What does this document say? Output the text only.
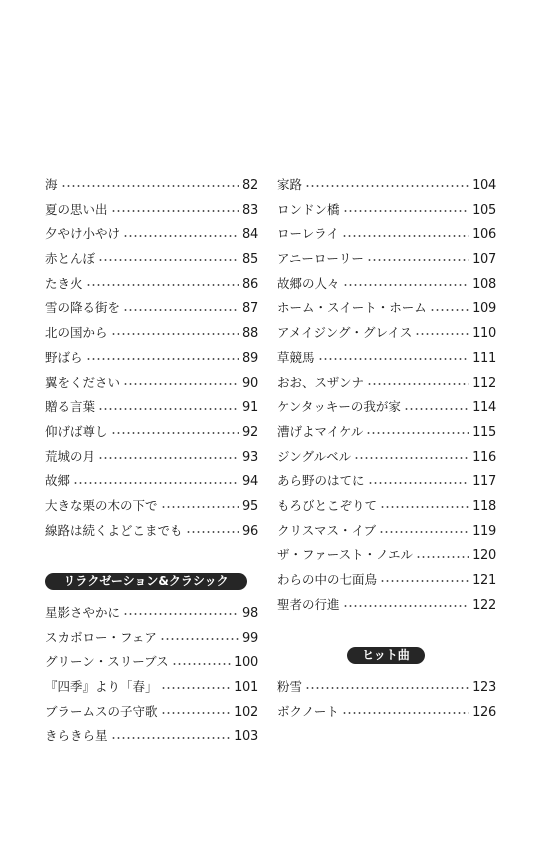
海	82
夏の思い出	83
夕やけ小やけ	84
赤とんぼ	85
たき火	86
雪の降る街を	87
北の国から	88
野ばら	89
翼をください	90
贈る言葉	91
仰げば尊し	92
荒城の月	93
故郷	94
大きな栗の木の下で	95
線路は続くよどこまでも	96
リラクゼーション&クラシック
星影さやかに	98
スカボロー・フェア	99
グリーン・スリーブス	100
『四季』より「春」	101
ブラームスの子守歌	102
きらきら星	103
家路	104
ロンドン橋	105
ローレライ	106
アニーローリー	107
故郷の人々	108
ホーム・スイート・ホーム	109
アメイジング・グレイス	110
草競馬	111
おお、スザンナ	112
ケンタッキーの我が家	114
漕げよマイケル	115
ジングルベル	116
あら野のはてに	117
もろびとこぞりて	118
クリスマス・イブ	119
ザ・ファースト・ノエル	120
わらの中の七面鳥	121
聖者の行進	122
ヒット曲
粉雪	123
ボクノート	126
